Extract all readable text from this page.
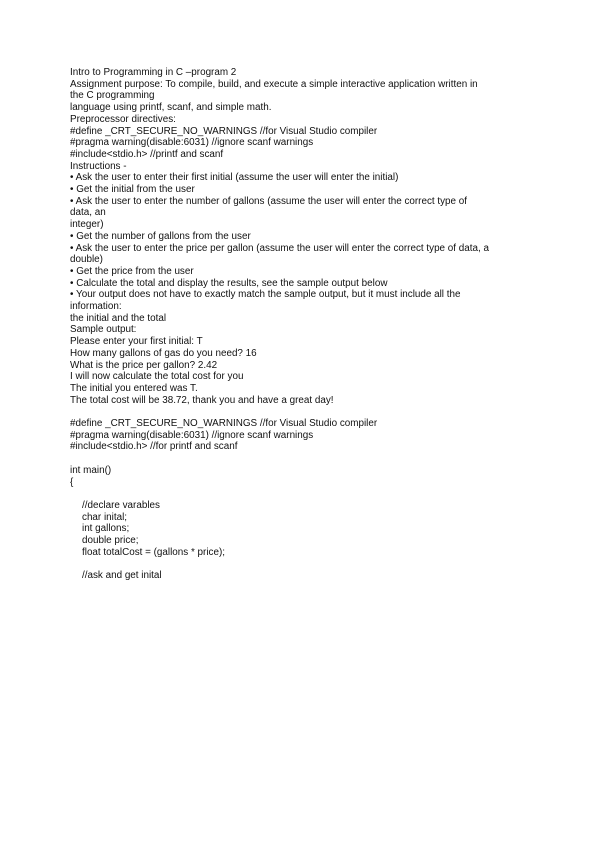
Intro to Programming in C –program 2
Assignment purpose: To compile, build, and execute a simple interactive application written in
the C programming
language using printf, scanf, and simple math.
Preprocessor directives:
#define _CRT_SECURE_NO_WARNINGS //for Visual Studio compiler
#pragma warning(disable:6031) //ignore scanf warnings
#include<stdio.h> //printf and scanf
Instructions -
• Ask the user to enter their first initial (assume the user will enter the initial)
• Get the initial from the user
• Ask the user to enter the number of gallons (assume the user will enter the correct type of
data, an
integer)
• Get the number of gallons from the user
• Ask the user to enter the price per gallon (assume the user will enter the correct type of data, a
double)
• Get the price from the user
• Calculate the total and display the results, see the sample output below
• Your output does not have to exactly match the sample output, but it must include all the
information:
the initial and the total
Sample output:
Please enter your first initial: T
How many gallons of gas do you need? 16
What is the price per gallon? 2.42
I will now calculate the total cost for you
The initial you entered was T.
The total cost will be 38.72, thank you and have a great day!
#define _CRT_SECURE_NO_WARNINGS //for Visual Studio compiler
#pragma warning(disable:6031) //ignore scanf warnings
#include<stdio.h> //for printf and scanf
int main()
{
//declare varables
char inital;
int gallons;
double price;
float totalCost = (gallons * price);
//ask and get inital
